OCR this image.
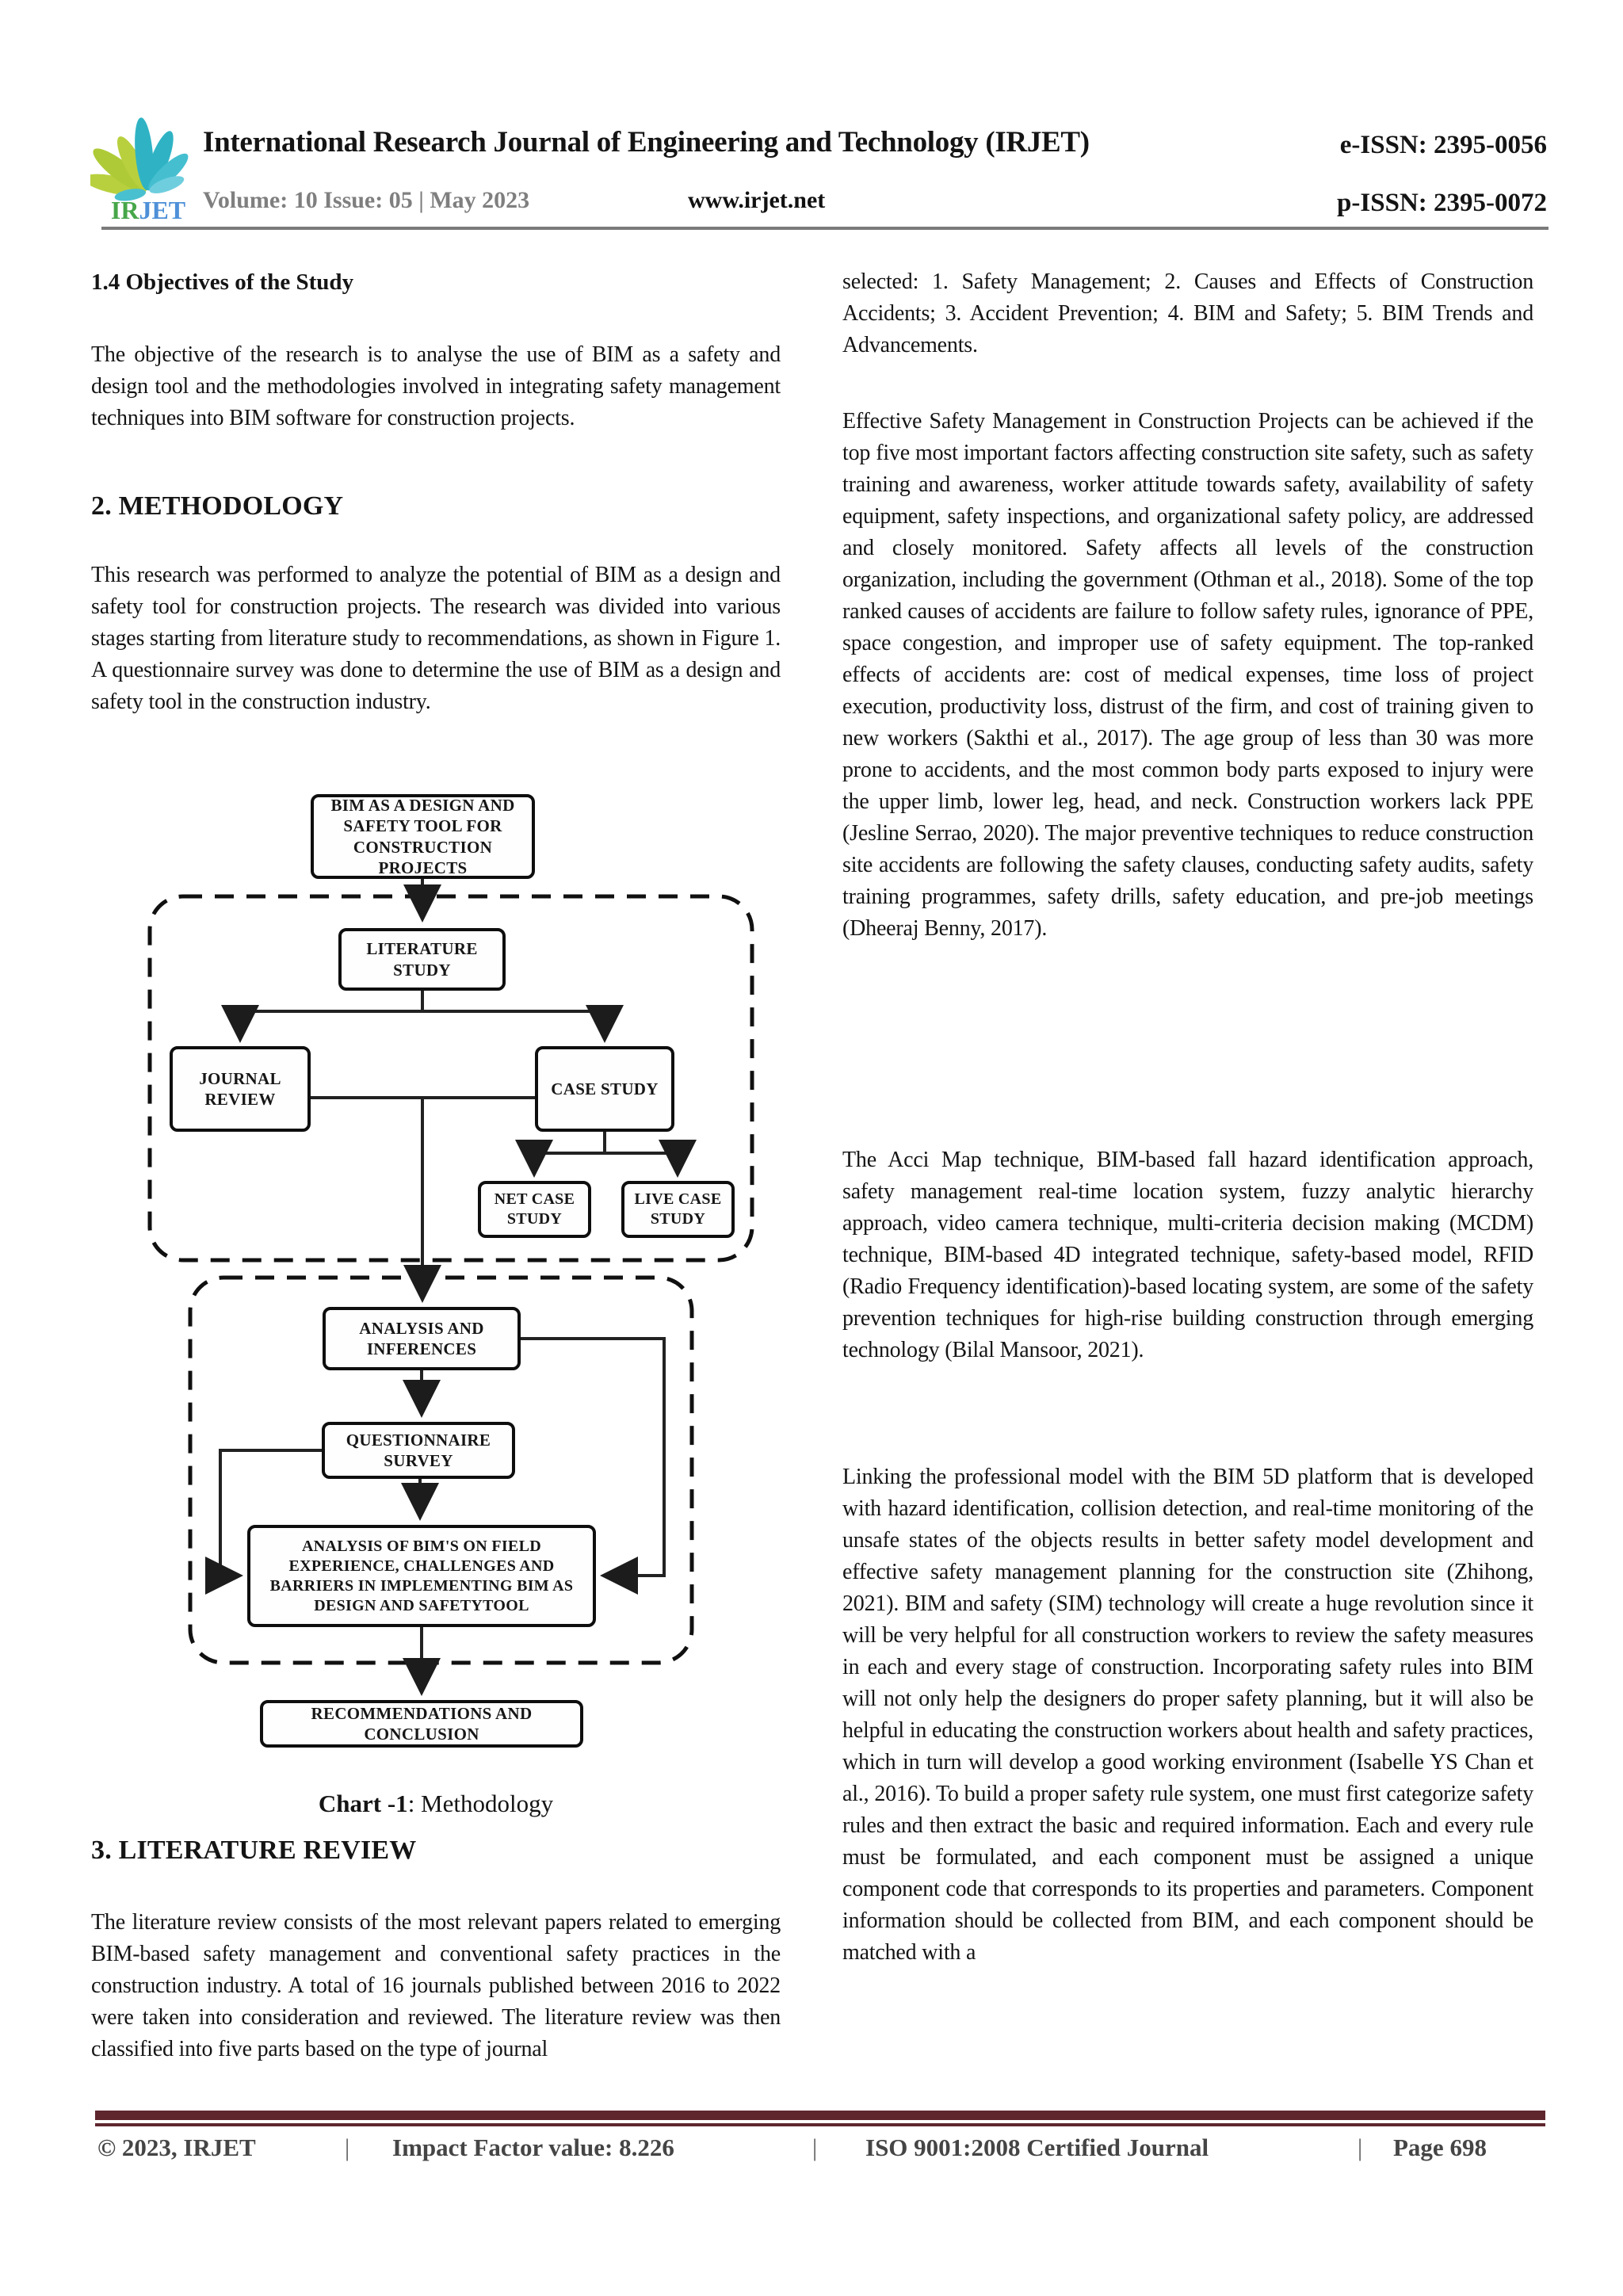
IRJET
International Research Journal of Engineering and Technology (IRJET)	e-ISSN: 2395-0056
Volume: 10 Issue: 05 | May 2023	www.irjet.net	p-ISSN: 2395-0072
1.4 Objectives of the Study
The objective of the research is to analyse the use of BIM as a safety and design tool and the methodologies involved in integrating safety management techniques into BIM software for construction projects.
2. METHODOLOGY
This research was performed to analyze the potential of BIM as a design and safety tool for construction projects. The research was divided into various stages starting from literature study to recommendations, as shown in Figure 1. A questionnaire survey was done to determine the use of BIM as a design and safety tool in the construction industry.
BIM AS A DESIGN AND SAFETY TOOL FOR CONSTRUCTION PROJECTS
LITERATURE STUDY
JOURNAL REVIEW
CASE STUDY
NET CASE STUDY
LIVE CASE STUDY
ANALYSIS AND INFERENCES
QUESTIONNAIRE SURVEY
ANALYSIS OF BIM'S ON FIELD EXPERIENCE, CHALLENGES AND BARRIERS IN IMPLEMENTING BIM AS DESIGN AND SAFETYTOOL
RECOMMENDATIONS AND CONCLUSION
Chart -1: Methodology
3. LITERATURE REVIEW
The literature review consists of the most relevant papers related to emerging BIM-based safety management and conventional safety practices in the construction industry. A total of 16 journals published between 2016 to 2022 were taken into consideration and reviewed. The literature review was then classified into five parts based on the type of journal
selected: 1. Safety Management; 2. Causes and Effects of Construction Accidents; 3. Accident Prevention; 4. BIM and Safety; 5. BIM Trends and Advancements.
Effective Safety Management in Construction Projects can be achieved if the top five most important factors affecting construction site safety, such as safety training and awareness, worker attitude towards safety, availability of safety equipment, safety inspections, and organizational safety policy, are addressed and closely monitored. Safety affects all levels of the construction organization, including the government (Othman et al., 2018). Some of the top ranked causes of accidents are failure to follow safety rules, ignorance of PPE, space congestion, and improper use of safety equipment. The top-ranked effects of accidents are: cost of medical expenses, time loss of project execution, productivity loss, distrust of the firm, and cost of training given to new workers (Sakthi et al., 2017). The age group of less than 30 was more prone to accidents, and the most common body parts exposed to injury were the upper limb, lower leg, head, and neck. Construction workers lack PPE (Jesline Serrao, 2020). The major preventive techniques to reduce construction site accidents are following the safety clauses, conducting safety audits, safety training programmes, safety drills, safety education, and pre-job meetings (Dheeraj Benny, 2017).
The Acci Map technique, BIM-based fall hazard identification approach, safety management real-time location system, fuzzy analytic hierarchy approach, video camera technique, multi-criteria decision making (MCDM) technique, BIM-based 4D integrated technique, safety-based model, RFID (Radio Frequency identification)-based locating system, are some of the safety prevention techniques for high-rise building construction through emerging technology (Bilal Mansoor, 2021).
Linking the professional model with the BIM 5D platform that is developed with hazard identification, collision detection, and real-time monitoring of the unsafe states of the objects results in better safety model development and effective safety management planning for the construction site (Zhihong, 2021). BIM and safety (SIM) technology will create a huge revolution since it will be very helpful for all construction workers to review the safety measures in each and every stage of construction. Incorporating safety rules into BIM will not only help the designers do proper safety planning, but it will also be helpful in educating the construction workers about health and safety practices, which in turn will develop a good working environment (Isabelle YS Chan et al., 2016). To build a proper safety rule system, one must first categorize safety rules and then extract the basic and required information. Each and every rule must be formulated, and each component must be assigned a unique component code that corresponds to its properties and parameters. Component information should be collected from BIM, and each component should be matched with a
© 2023, IRJET	| Impact Factor value: 8.226	| ISO 9001:2008 Certified Journal	| Page 698
